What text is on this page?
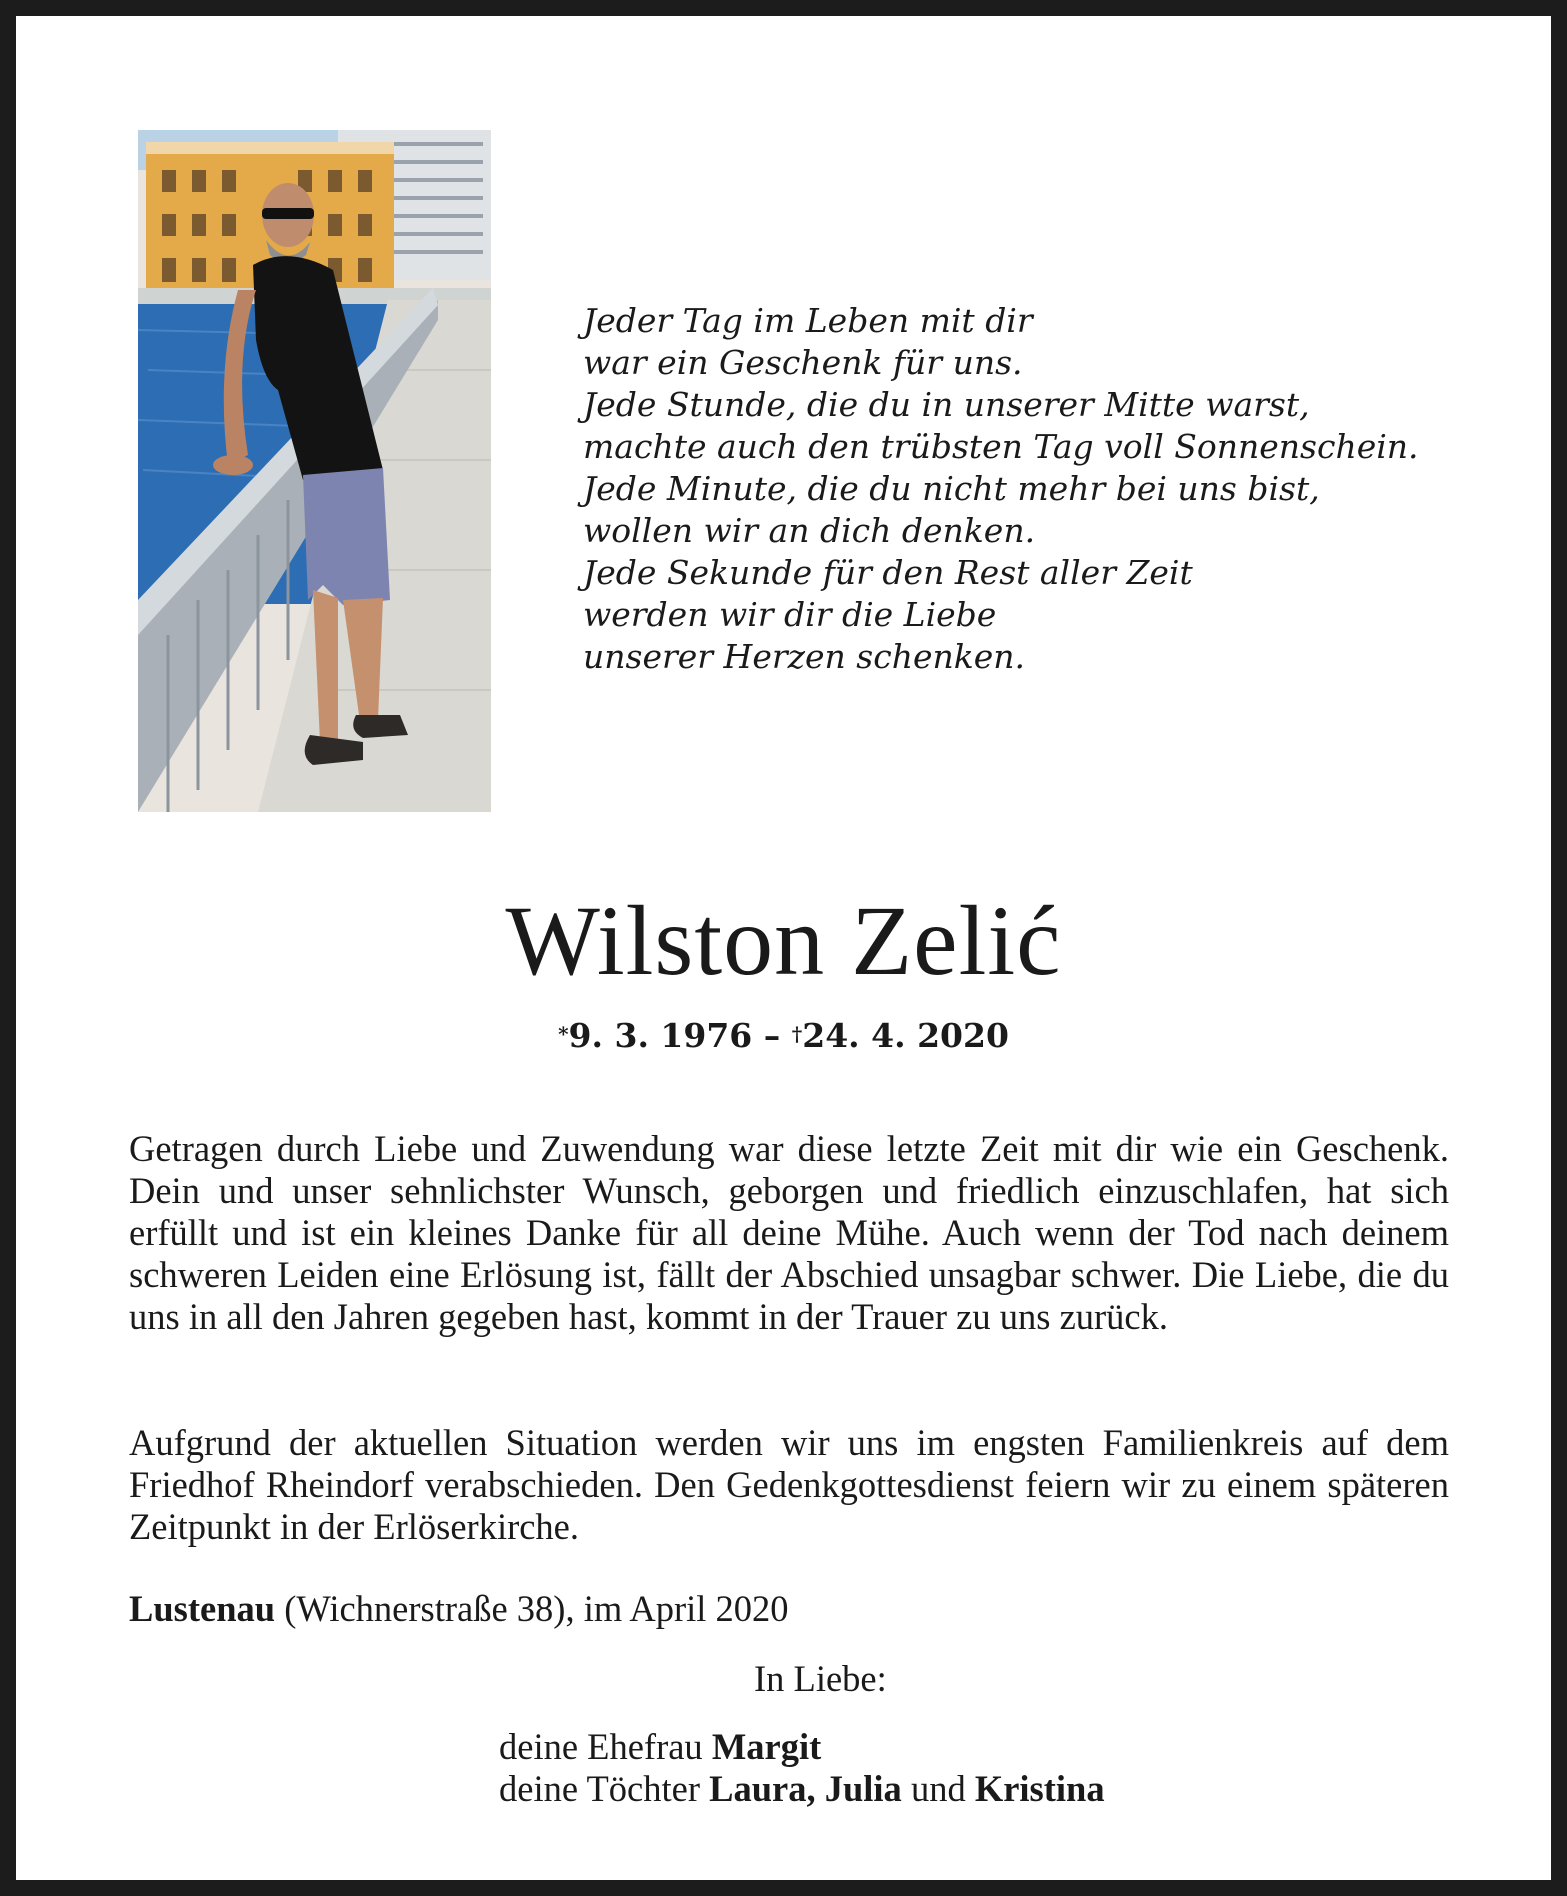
Jeder Tag im Leben mit dir
war ein Geschenk für uns.
Jede Stunde, die du in unserer Mitte warst,
machte auch den trübsten Tag voll Sonnenschein.
Jede Minute, die du nicht mehr bei uns bist,
wollen wir an dich denken.
Jede Sekunde für den Rest aller Zeit
werden wir dir die Liebe
unserer Herzen schenken.
Wilston Zelić
*9. 3. 1976 – †24. 4. 2020
Getragen durch Liebe und Zuwendung war diese letzte Zeit mit dir wie ein Geschenk. Dein und unser sehnlichster Wunsch, geborgen und friedlich einzuschlafen, hat sich erfüllt und ist ein kleines Danke für all deine Mühe. Auch wenn der Tod nach deinem schweren Leiden eine Erlösung ist, fällt der Abschied unsagbar schwer. Die Liebe, die du uns in all den Jahren gegeben hast, kommt in der Trauer zu uns zurück.
Aufgrund der aktuellen Situation werden wir uns im engsten Familienkreis auf dem Friedhof Rheindorf verabschieden. Den Gedenkgottesdienst feiern wir zu einem späteren Zeitpunkt in der Erlöserkirche.
Lustenau (Wichnerstraße 38), im April 2020
In Liebe:
deine Ehefrau Margit
deine Töchter Laura, Julia und Kristina
